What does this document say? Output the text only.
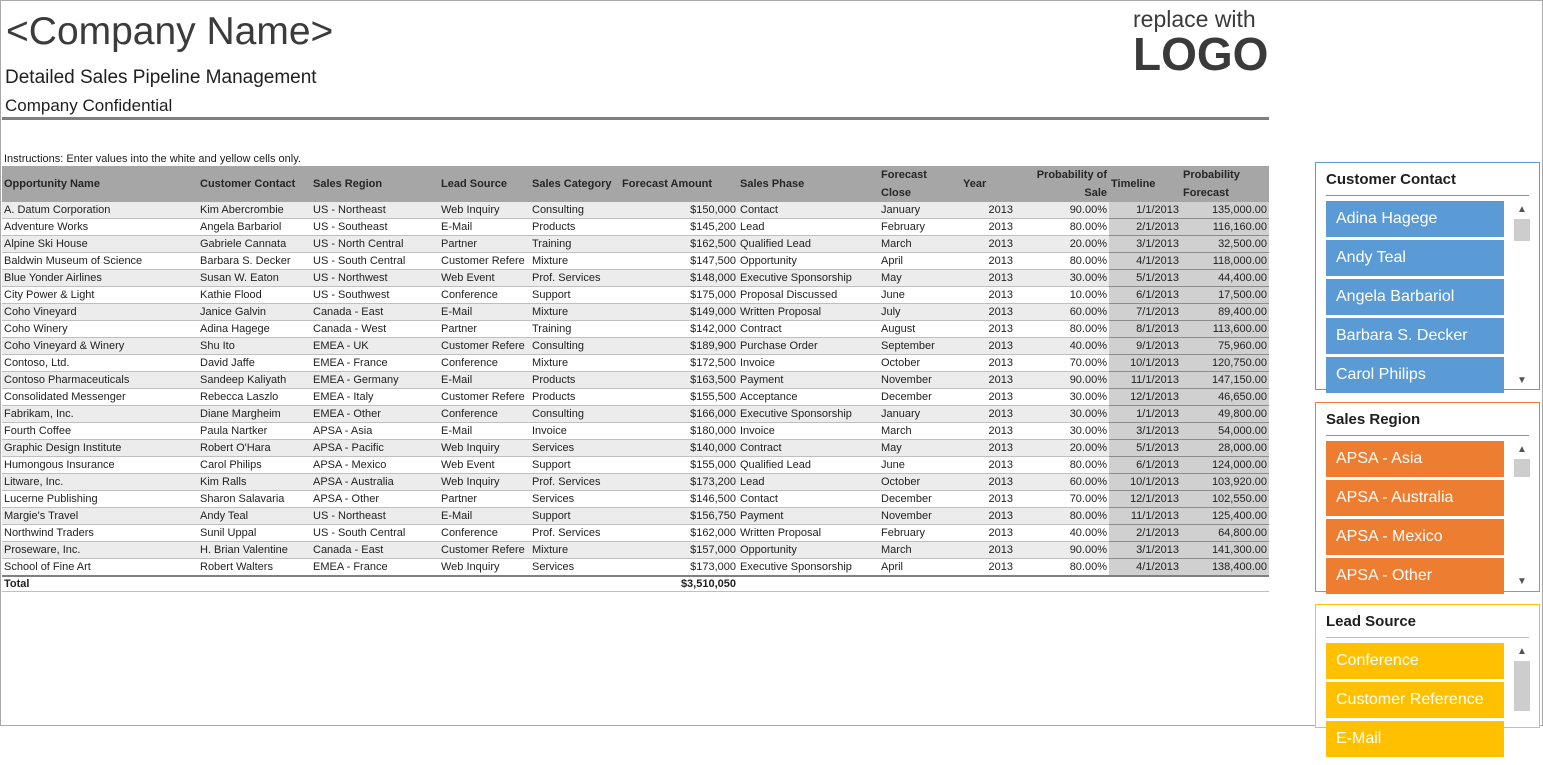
<Company Name>
Detailed Sales Pipeline Management
Company Confidential
replace with
LOGO
Instructions: Enter values into the white and yellow cells only.
Opportunity Name	Customer Contact	Sales Region	Lead Source	Sales Category	Forecast Amount	Sales Phase	Forecast Close	Year	Probability of Sale	Timeline	Probability Forecast
A. Datum Corporation	Kim Abercrombie	US - Northeast	Web Inquiry	Consulting	$150,000	Contact	January	2013	90.00%	1/1/2013	135,000.00
Adventure Works	Angela Barbariol	US - Southeast	E-Mail	Products	$145,200	Lead	February	2013	80.00%	2/1/2013	116,160.00
Alpine Ski House	Gabriele Cannata	US - North Central	Partner	Training	$162,500	Qualified Lead	March	2013	20.00%	3/1/2013	32,500.00
Baldwin Museum of Science	Barbara S. Decker	US - South Central	Customer Refere	Mixture	$147,500	Opportunity	April	2013	80.00%	4/1/2013	118,000.00
Blue Yonder Airlines	Susan W. Eaton	US - Northwest	Web Event	Prof. Services	$148,000	Executive Sponsorship	May	2013	30.00%	5/1/2013	44,400.00
City Power & Light	Kathie Flood	US - Southwest	Conference	Support	$175,000	Proposal Discussed	June	2013	10.00%	6/1/2013	17,500.00
Coho Vineyard	Janice Galvin	Canada - East	E-Mail	Mixture	$149,000	Written Proposal	July	2013	60.00%	7/1/2013	89,400.00
Coho Winery	Adina Hagege	Canada - West	Partner	Training	$142,000	Contract	August	2013	80.00%	8/1/2013	113,600.00
Coho Vineyard & Winery	Shu Ito	EMEA - UK	Customer Refere	Consulting	$189,900	Purchase Order	September	2013	40.00%	9/1/2013	75,960.00
Contoso, Ltd.	David Jaffe	EMEA - France	Conference	Mixture	$172,500	Invoice	October	2013	70.00%	10/1/2013	120,750.00
Contoso Pharmaceuticals	Sandeep Kaliyath	EMEA - Germany	E-Mail	Products	$163,500	Payment	November	2013	90.00%	11/1/2013	147,150.00
Consolidated Messenger	Rebecca Laszlo	EMEA - Italy	Customer Refere	Products	$155,500	Acceptance	December	2013	30.00%	12/1/2013	46,650.00
Fabrikam, Inc.	Diane Margheim	EMEA - Other	Conference	Consulting	$166,000	Executive Sponsorship	January	2013	30.00%	1/1/2013	49,800.00
Fourth Coffee	Paula Nartker	APSA - Asia	E-Mail	Invoice	$180,000	Invoice	March	2013	30.00%	3/1/2013	54,000.00
Graphic Design Institute	Robert O'Hara	APSA - Pacific	Web Inquiry	Services	$140,000	Contract	May	2013	20.00%	5/1/2013	28,000.00
Humongous Insurance	Carol Philips	APSA - Mexico	Web Event	Support	$155,000	Qualified Lead	June	2013	80.00%	6/1/2013	124,000.00
Litware, Inc.	Kim Ralls	APSA - Australia	Web Inquiry	Prof. Services	$173,200	Lead	October	2013	60.00%	10/1/2013	103,920.00
Lucerne Publishing	Sharon Salavaria	APSA - Other	Partner	Services	$146,500	Contact	December	2013	70.00%	12/1/2013	102,550.00
Margie's Travel	Andy Teal	US - Northeast	E-Mail	Support	$156,750	Payment	November	2013	80.00%	11/1/2013	125,400.00
Northwind Traders	Sunil Uppal	US - South Central	Conference	Prof. Services	$162,000	Written Proposal	February	2013	40.00%	2/1/2013	64,800.00
Proseware, Inc.	H. Brian Valentine	Canada - East	Customer Refere	Mixture	$157,000	Opportunity	March	2013	90.00%	3/1/2013	141,300.00
School of Fine Art	Robert Walters	EMEA - France	Web Inquiry	Services	$173,000	Executive Sponsorship	April	2013	80.00%	4/1/2013	138,400.00
Total					$3,510,050						
Customer Contact
Adina Hagege
Andy Teal
Angela Barbariol
Barbara S. Decker
Carol Philips
▲
▼
Sales Region
APSA - Asia
APSA - Australia
APSA - Mexico
APSA - Other
▲
▼
Lead Source
Conference
Customer Reference
E-Mail
▲
